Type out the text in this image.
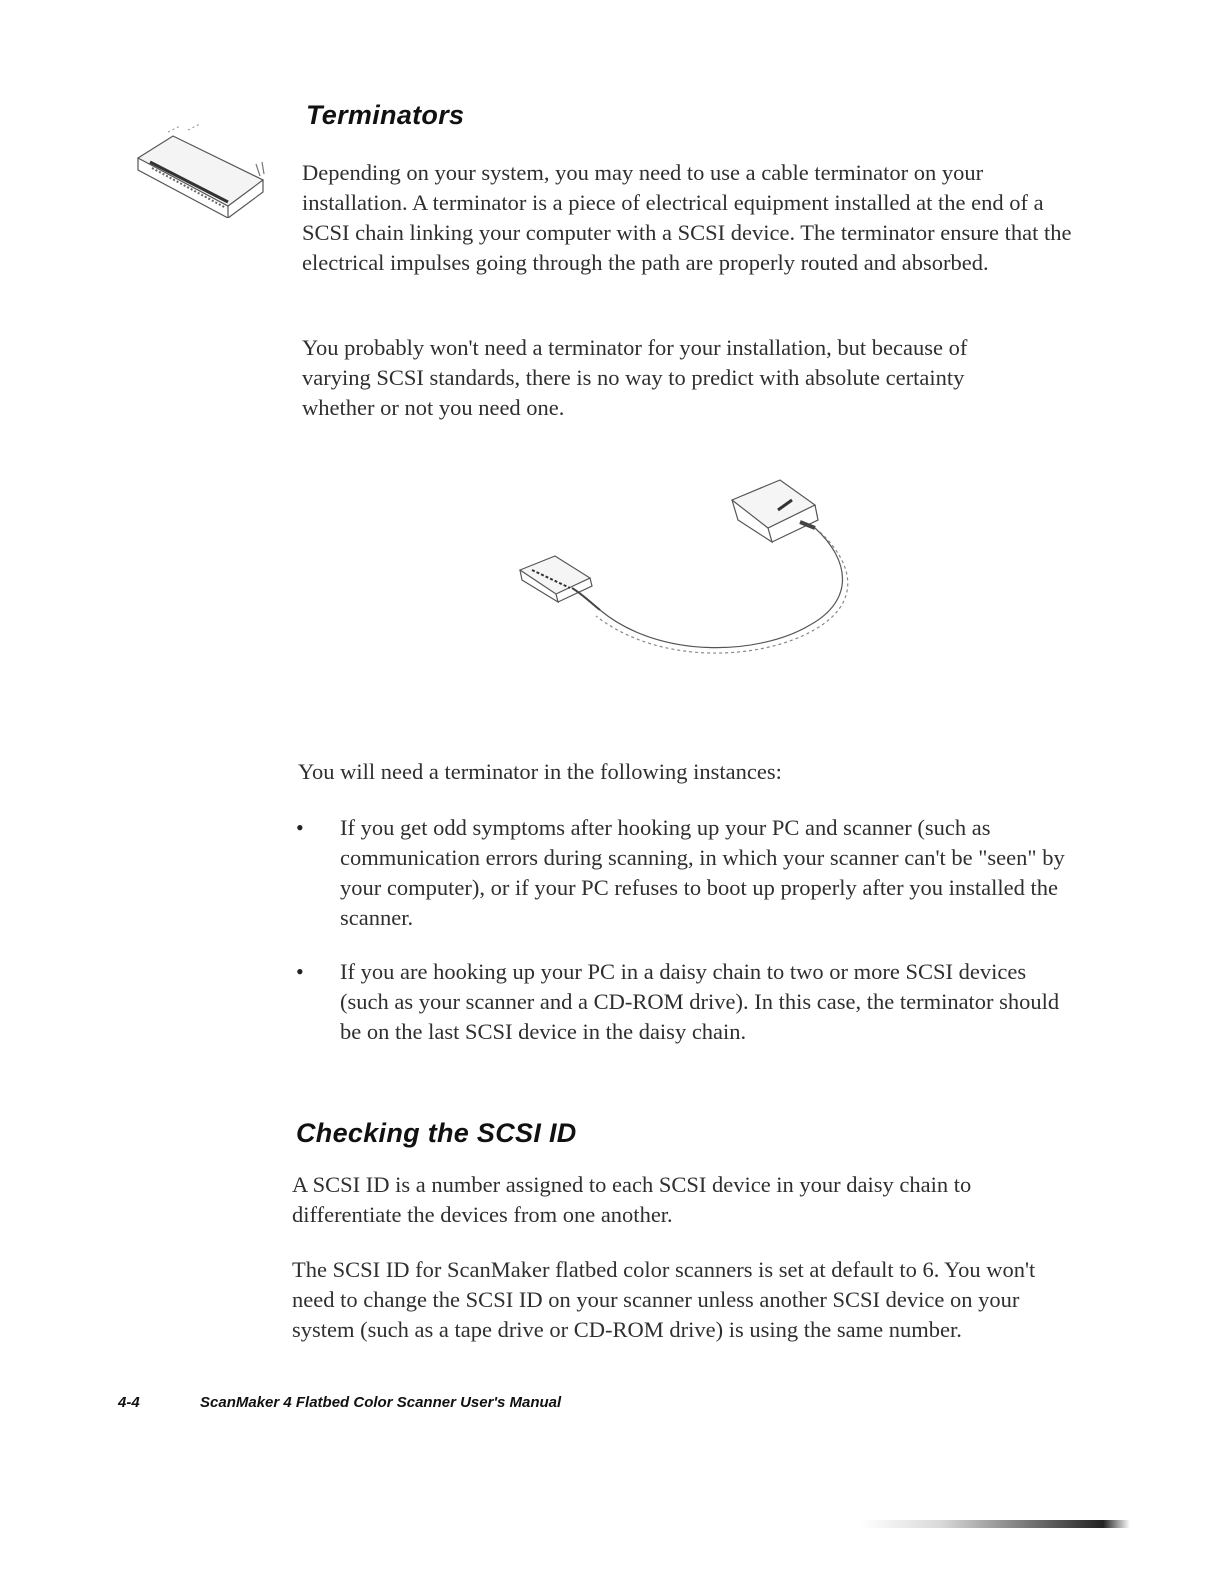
Terminators

Depending on your system, you may need to use a cable terminator on your installation. A terminator is a piece of electrical equipment installed at the end of a SCSI chain linking your computer with a SCSI device. The terminator ensure that the electrical impulses going through the path are properly routed and absorbed.

You probably won't need a terminator for your installation, but because of varying SCSI standards, there is no way to predict with absolute certainty whether or not you need one.

You will need a terminator in the following instances:

• If you get odd symptoms after hooking up your PC and scanner (such as communication errors during scanning, in which your scanner can't be "seen" by your computer), or if your PC refuses to boot up properly after you installed the scanner.

• If you are hooking up your PC in a daisy chain to two or more SCSI devices (such as your scanner and a CD-ROM drive). In this case, the terminator should be on the last SCSI device in the daisy chain.

Checking the SCSI ID

A SCSI ID is a number assigned to each SCSI device in your daisy chain to differentiate the devices from one another.

The SCSI ID for ScanMaker flatbed color scanners is set at default to 6. You won't need to change the SCSI ID on your scanner unless another SCSI device on your system (such as a tape drive or CD-ROM drive) is using the same number.

4-4	ScanMaker 4 Flatbed Color Scanner User's Manual
